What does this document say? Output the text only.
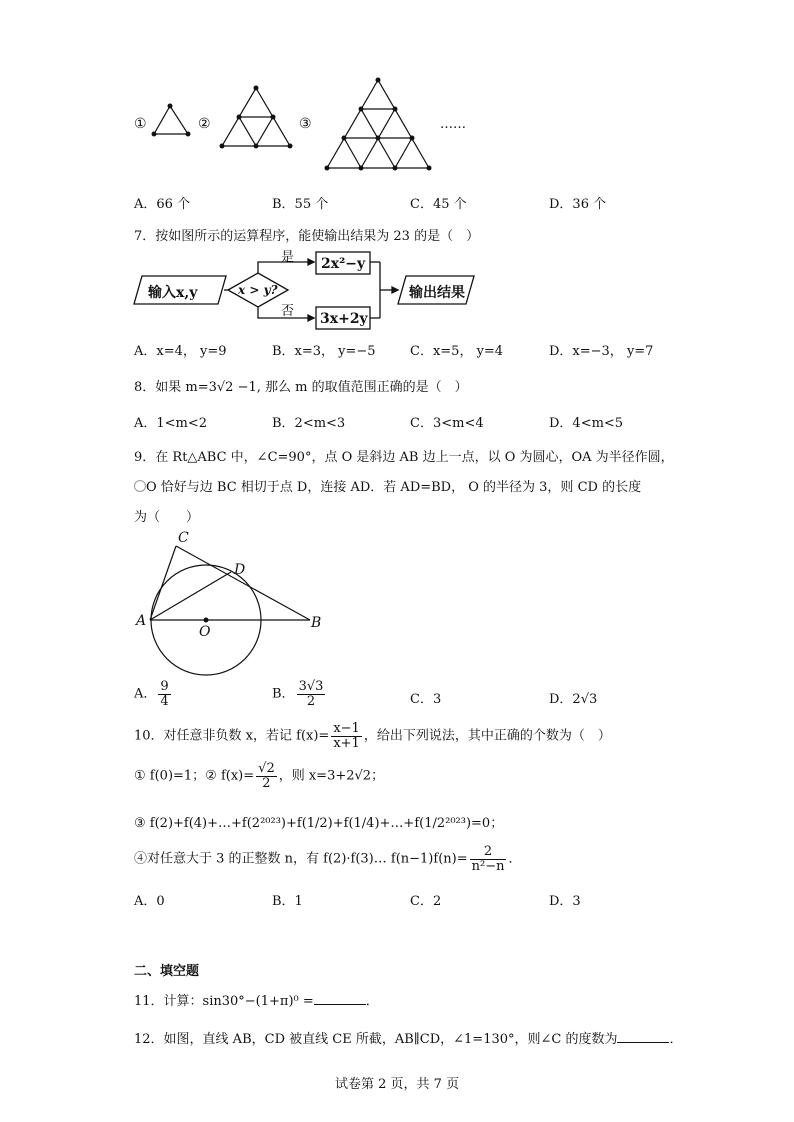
①	②	③	……
A．66 个	B．55 个	C．45 个	D．36 个
7．按如图所示的运算程序，能使输出结果为 23 的是（　）
输入x,y	x > y?
是
否
2x²−y
3x+2y
输出结果
A．x=4， y=9	B．x=3， y=−5	C．x=5， y=4	D．x=−3， y=7
8．如果 m=3√2 −1, 那么 m 的取值范围正确的是（　）
A．1<m<2	B．2<m<3	C．3<m<4	D．4<m<5
9．在 Rt△ABC 中，∠C=90°，点 O 是斜边 AB 边上一点，以 O 为圆心，OA 为半径作圆，
O 恰好与边 BC 相切于点 D，连接 AD．若 AD=BD， O 的半径为 3，则 CD 的长度
为（　　）
C
D
A
O
B
A． $\frac{9}{4}$	B． $\frac{3√3}{2}$	C．3	D．2√3
10．对任意非负数 x，若记 $f(x)= \frac{x-1}{x+1}$ ，给出下列说法，其中正确的个数为（　）
① f(0)=1；② $f(x)= \frac{√2}{2}$ ，则 x=3+2√2；
③ f(2)+f(4)+…+f(2²⁰²³)+f(1/2)+f(1/4)+…+f(1/2²⁰²³)=0；
④对任意大于 3 的正整数 n，有 f(2)·f(3)… $f(n-1)f(n)= \frac{2}{\text{n²−n}}$ ．
A．0	B．1	C．2	D．3
二、填空题
11．计算：sin30°−(1+π)⁰ =	．
12．如图，直线 AB，CD 被直线 CE 所截，AB∥CD，∠1=130°，则∠C 的度数为	．
试卷第 2 页，共 7 页
